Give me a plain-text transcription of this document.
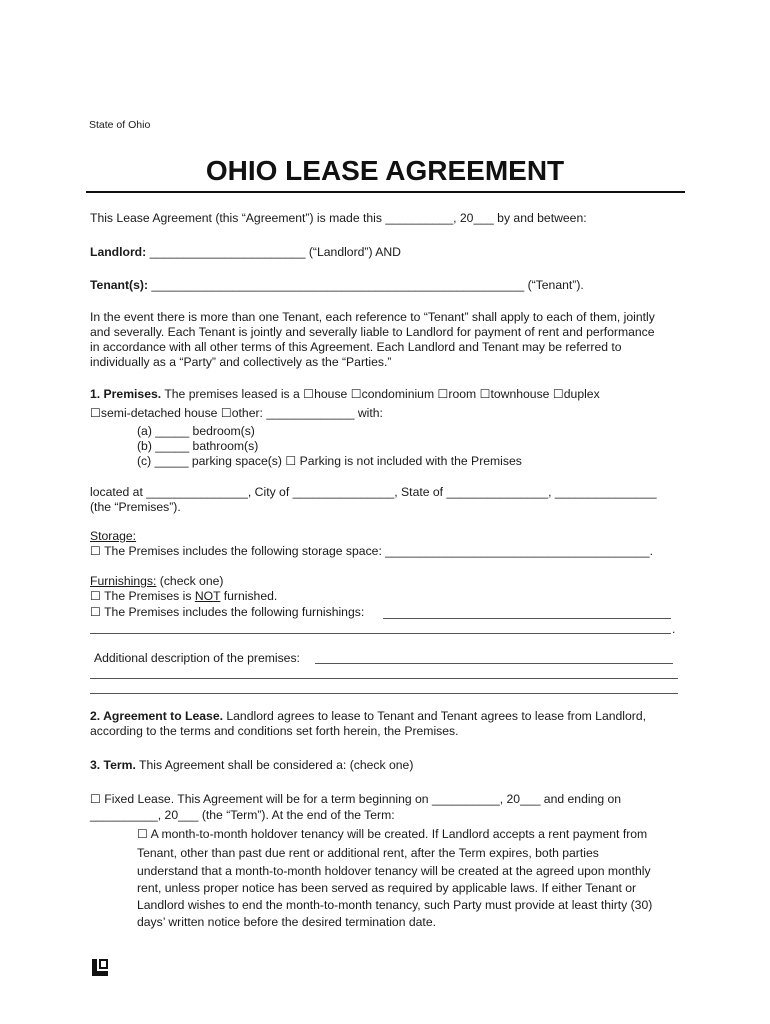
State of Ohio
OHIO LEASE AGREEMENT
This Lease Agreement (this “Agreement”) is made this __________, 20___ by and between:
Landlord: _______________________ (“Landlord”) AND
Tenant(s): _______________________________________________________ (“Tenant”).
In the event there is more than one Tenant, each reference to “Tenant” shall apply to each of them, jointly
and severally. Each Tenant is jointly and severally liable to Landlord for payment of rent and performance
in accordance with all other terms of this Agreement. Each Landlord and Tenant may be referred to
individually as a “Party” and collectively as the “Parties.”
1. Premises. The premises leased is a ☐house ☐condominium ☐room ☐townhouse ☐duplex
☐semi-detached house ☐other: _____________ with:
(a) _____ bedroom(s)
(b) _____ bathroom(s)
(c) _____ parking space(s) ☐ Parking is not included with the Premises
located at _______________, City of _______________, State of _______________, _______________
(the “Premises”).
Storage:
☐ The Premises includes the following storage space: _______________________________________.
Furnishings: (check one)
☐ The Premises is NOT furnished.
☐ The Premises includes the following furnishings:
.
Additional description of the premises:
2. Agreement to Lease. Landlord agrees to lease to Tenant and Tenant agrees to lease from Landlord,
according to the terms and conditions set forth herein, the Premises.
3. Term. This Agreement shall be considered a: (check one)
☐ Fixed Lease. This Agreement will be for a term beginning on __________, 20___ and ending on
__________, 20___ (the “Term”). At the end of the Term:
☐ A month-to-month holdover tenancy will be created. If Landlord accepts a rent payment from
Tenant, other than past due rent or additional rent, after the Term expires, both parties
understand that a month-to-month holdover tenancy will be created at the agreed upon monthly
rent, unless proper notice has been served as required by applicable laws. If either Tenant or
Landlord wishes to end the month-to-month tenancy, such Party must provide at least thirty (30)
days’ written notice before the desired termination date.
